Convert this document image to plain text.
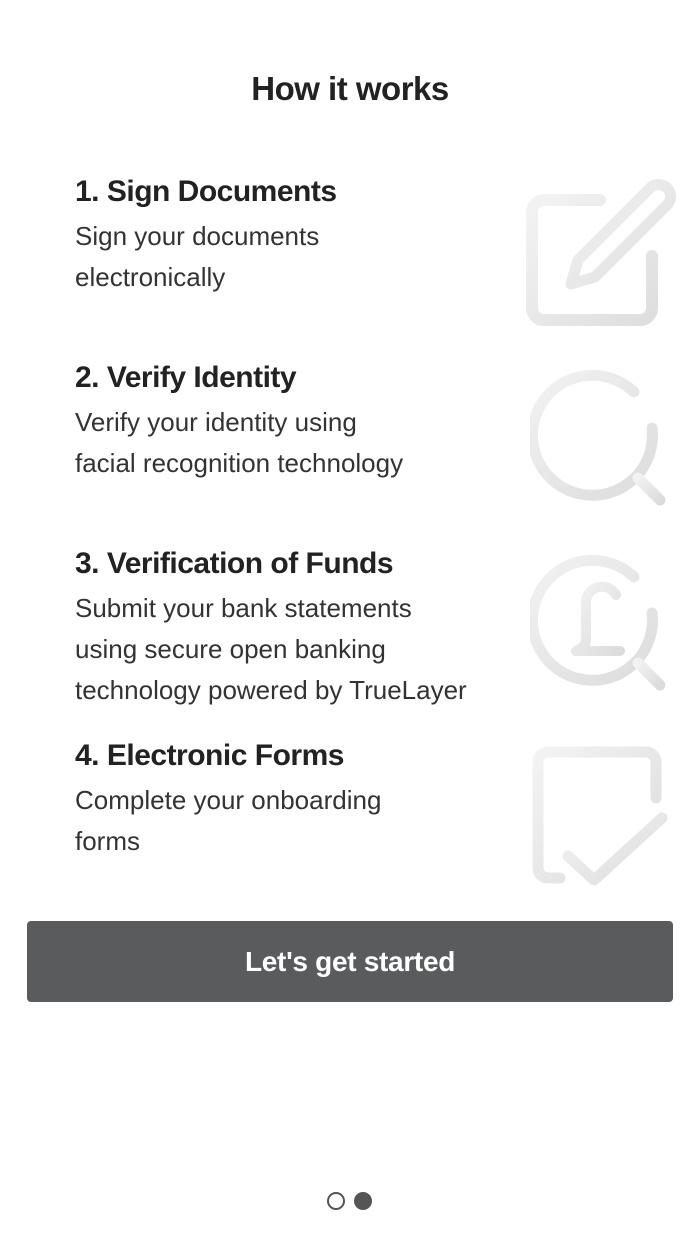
How it works
1. Sign Documents
Sign your documents
electronically
2. Verify Identity
Verify your identity using
facial recognition technology
3. Verification of Funds
Submit your bank statements
using secure open banking
technology powered by TrueLayer
4. Electronic Forms
Complete your onboarding
forms
Let's get started
